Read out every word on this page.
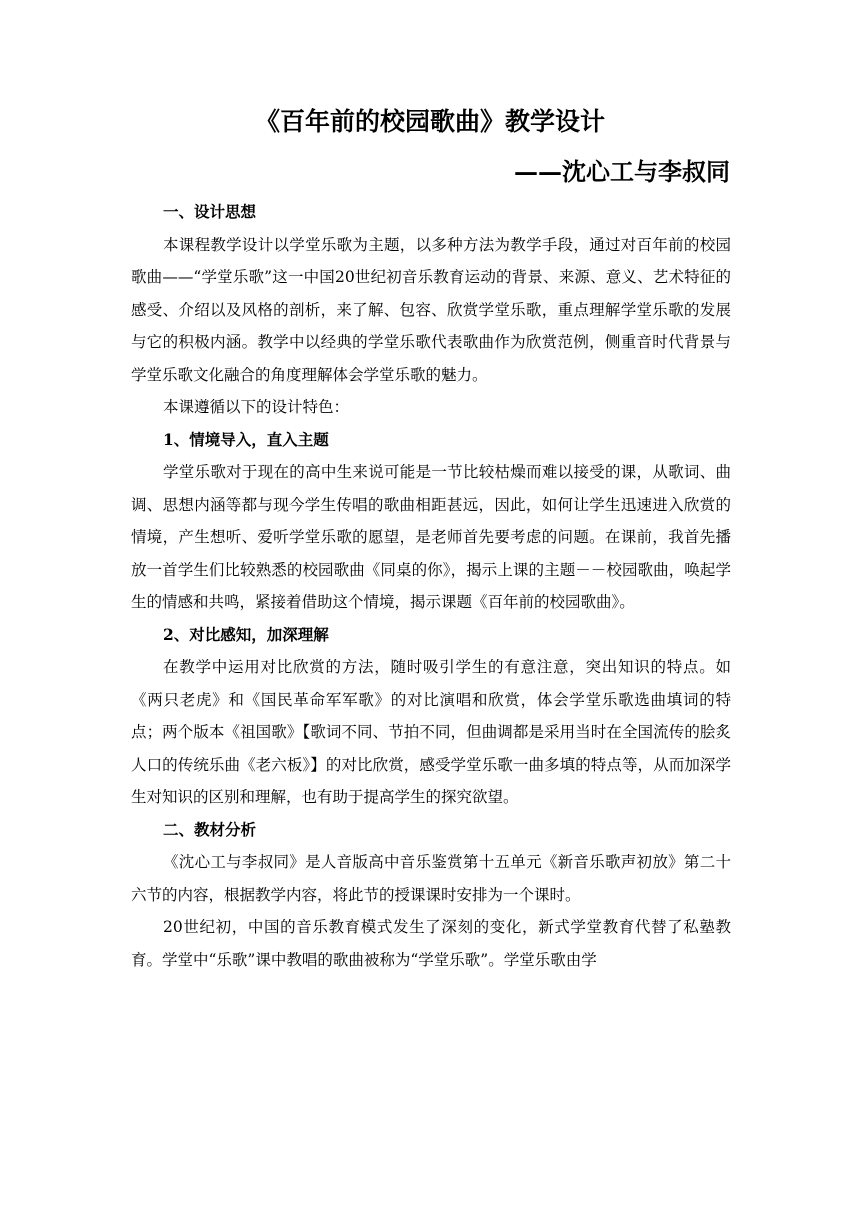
《百年前的校园歌曲》教学设计
——沈心工与李叔同
一、设计思想

本课程教学设计以学堂乐歌为主题，以多种方法为教学手段，通过对百年前的校园歌曲——“学堂乐歌”这一中国20世纪初音乐教育运动的背景、来源、意义、艺术特征的感受、介绍以及风格的剖析，来了解、包容、欣赏学堂乐歌，重点理解学堂乐歌的发展与它的积极内涵。教学中以经典的学堂乐歌代表歌曲作为欣赏范例，侧重音时代背景与学堂乐歌文化融合的角度理解体会学堂乐歌的魅力。

本课遵循以下的设计特色：

1、情境导入，直入主题

学堂乐歌对于现在的高中生来说可能是一节比较枯燥而难以接受的课，从歌词、曲调、思想内涵等都与现今学生传唱的歌曲相距甚远，因此，如何让学生迅速进入欣赏的情境，产生想听、爱听学堂乐歌的愿望，是老师首先要考虑的问题。在课前，我首先播放一首学生们比较熟悉的校园歌曲《同桌的你》，揭示上课的主题－－校园歌曲，唤起学生的情感和共鸣，紧接着借助这个情境，揭示课题《百年前的校园歌曲》。

2、对比感知，加深理解

在教学中运用对比欣赏的方法，随时吸引学生的有意注意，突出知识的特点。如《两只老虎》和《国民革命军军歌》的对比演唱和欣赏，体会学堂乐歌选曲填词的特点；两个版本《祖国歌》【歌词不同、节拍不同，但曲调都是采用当时在全国流传的脍炙人口的传统乐曲《老六板》】的对比欣赏，感受学堂乐歌一曲多填的特点等，从而加深学生对知识的区别和理解，也有助于提高学生的探究欲望。

二、教材分析

《沈心工与李叔同》是人音版高中音乐鉴赏第十五单元《新音乐歌声初放》第二十六节的内容，根据教学内容，将此节的授课课时安排为一个课时。

20世纪初，中国的音乐教育模式发生了深刻的变化，新式学堂教育代替了私塾教育。学堂中“乐歌”课中教唱的歌曲被称为“学堂乐歌”。学堂乐歌由学
